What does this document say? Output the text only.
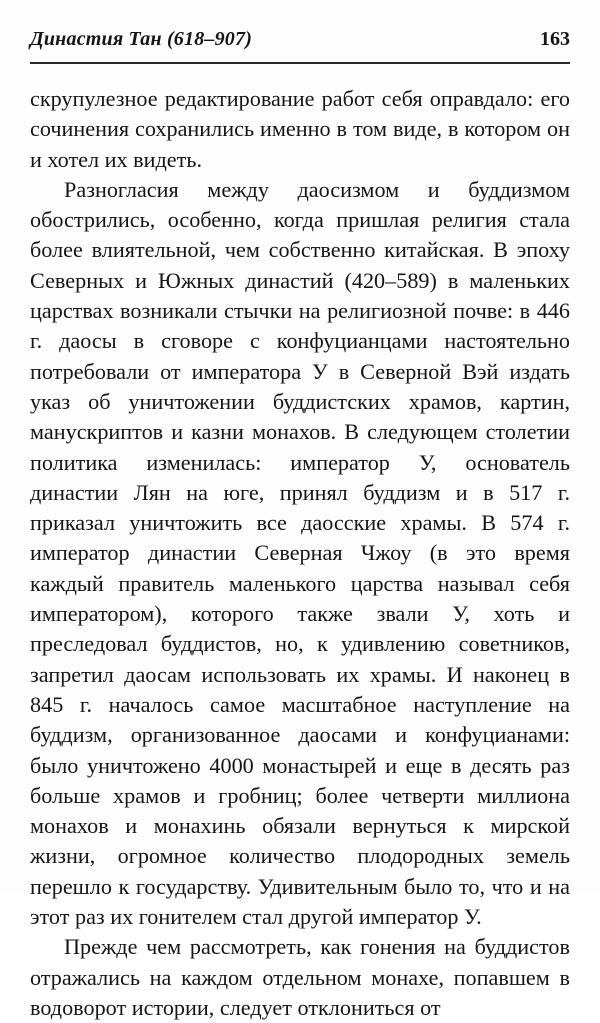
Династия Тан (618–907)	163

скрупулезное редактирование работ себя оправдало: его сочинения сохранились именно в том виде, в котором он и хотел их видеть.

Разногласия между даосизмом и буддизмом обострились, особенно, когда пришлая религия стала более влиятельной, чем собственно китайская. В эпоху Северных и Южных династий (420–589) в маленьких царствах возникали стычки на религиозной почве: в 446 г. даосы в сговоре с конфуцианцами настоятельно потребовали от императора У в Северной Вэй издать указ об уничтожении буддистских храмов, картин, манускриптов и казни монахов. В следующем столетии политика изменилась: император У, основатель династии Лян на юге, принял буддизм и в 517 г. приказал уничтожить все даосские храмы. В 574 г. император династии Северная Чжоу (в это время каждый правитель маленького царства называл себя императором), которого также звали У, хоть и преследовал буддистов, но, к удивлению советников, запретил даосам использовать их храмы. И наконец в 845 г. началось самое масштабное наступление на буддизм, организованное даосами и конфуцианами: было уничтожено 4000 монастырей и еще в десять раз больше храмов и гробниц; более четверти миллиона монахов и монахинь обязали вернуться к мирской жизни, огромное количество плодородных земель перешло к государству. Удивительным было то, что и на этот раз их гонителем стал другой император У.

Прежде чем рассмотреть, как гонения на буддистов отражались на каждом отдельном монахе, попавшем в водоворот истории, следует отклониться от
